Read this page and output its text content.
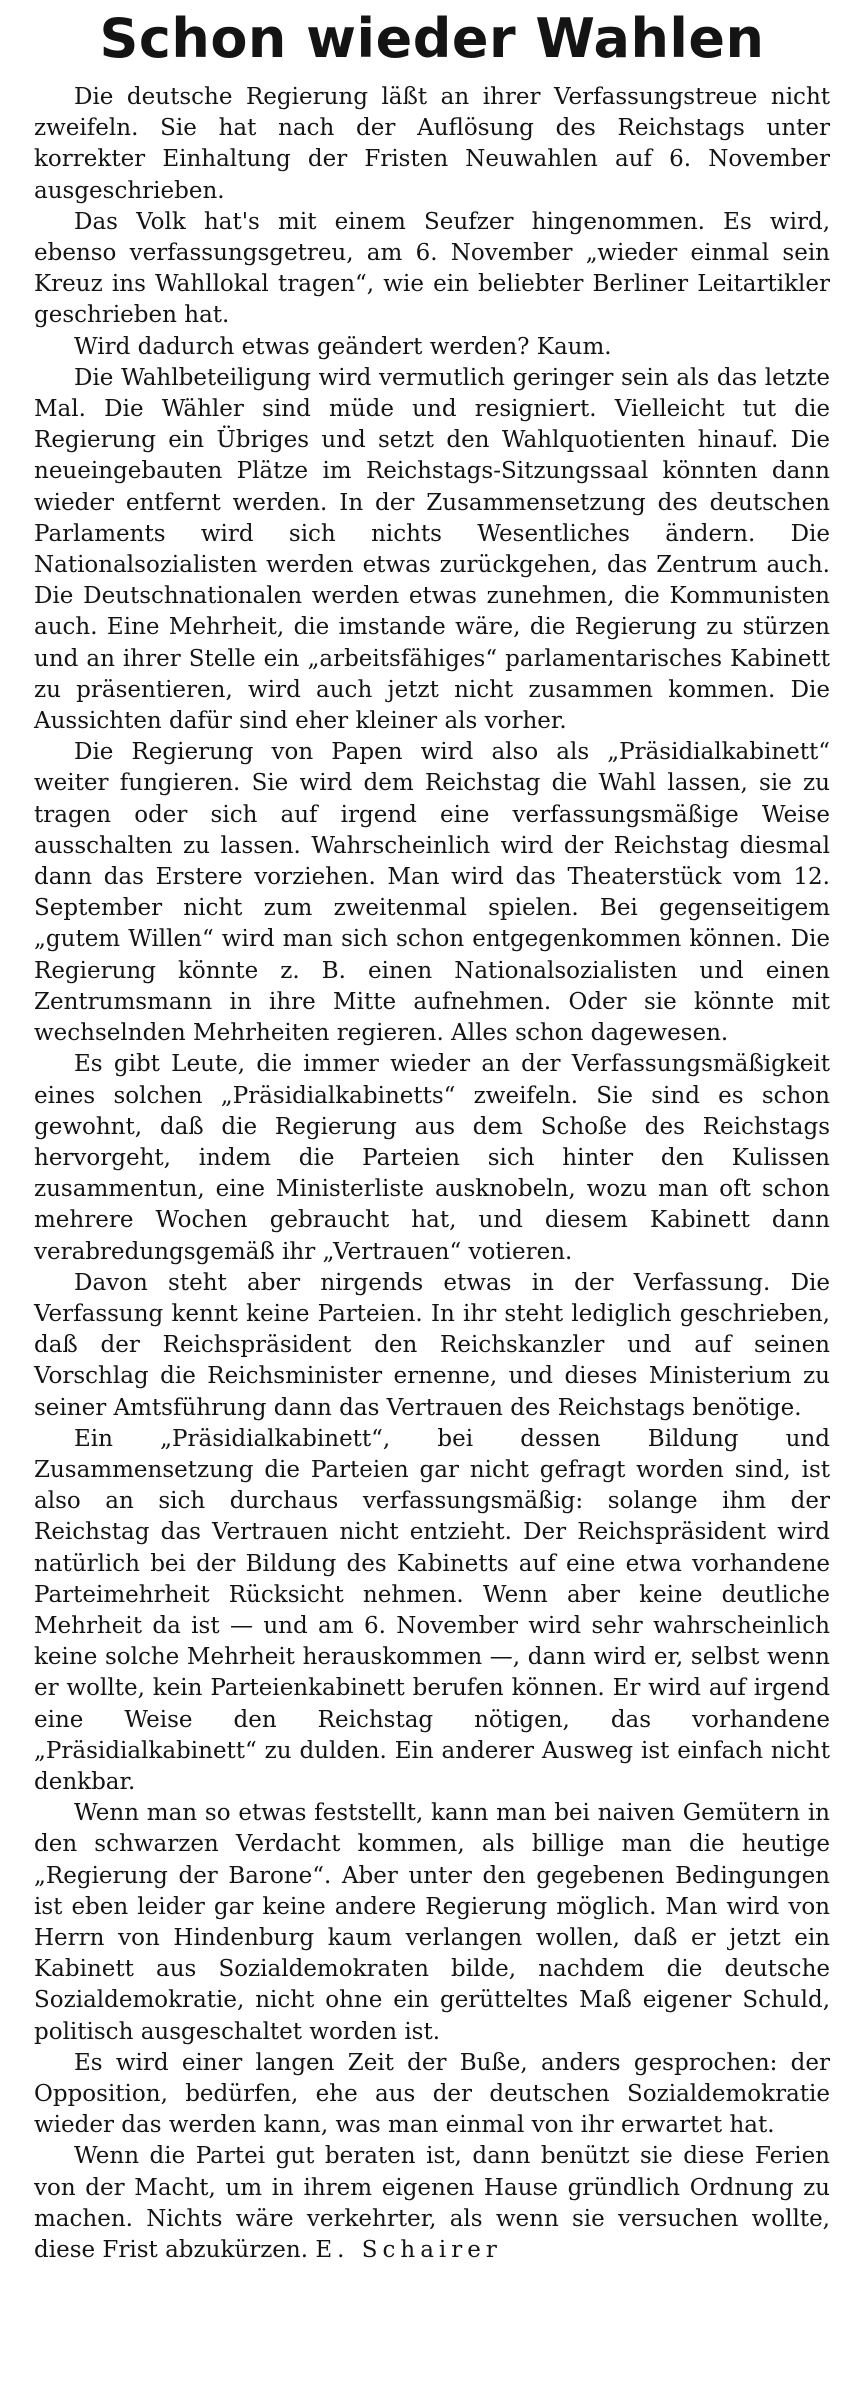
Schon wieder Wahlen

Die deutsche Regierung läßt an ihrer Verfassungstreue nicht zweifeln. Sie hat nach der Auflösung des Reichstags unter korrekter Einhaltung der Fristen Neuwahlen auf 6. November ausgeschrieben.

Das Volk hat's mit einem Seufzer hingenommen. Es wird, ebenso verfassungsgetreu, am 6. November „wieder einmal sein Kreuz ins Wahllokal tragen“, wie ein beliebter Berliner Leitartikler geschrieben hat.

Wird dadurch etwas geändert werden? Kaum.

Die Wahlbeteiligung wird vermutlich geringer sein als das letzte Mal. Die Wähler sind müde und resigniert. Vielleicht tut die Regierung ein Übriges und setzt den Wahlquotienten hinauf. Die neueingebauten Plätze im Reichstags-Sitzungssaal könnten dann wieder entfernt werden. In der Zusammensetzung des deutschen Parlaments wird sich nichts Wesentliches ändern. Die Nationalsozialisten werden etwas zurückgehen, das Zentrum auch. Die Deutschnationalen werden etwas zunehmen, die Kommunisten auch. Eine Mehrheit, die imstande wäre, die Regierung zu stürzen und an ihrer Stelle ein „arbeitsfähiges“ parlamentarisches Kabinett zu präsentieren, wird auch jetzt nicht zusammen kommen. Die Aussichten dafür sind eher kleiner als vorher.

Die Regierung von Papen wird also als „Präsidialkabinett“ weiter fungieren. Sie wird dem Reichstag die Wahl lassen, sie zu tragen oder sich auf irgend eine verfassungsmäßige Weise ausschalten zu lassen. Wahrscheinlich wird der Reichstag diesmal dann das Erstere vorziehen. Man wird das Theaterstück vom 12. September nicht zum zweitenmal spielen. Bei gegenseitigem „gutem Willen“ wird man sich schon entgegenkommen können. Die Regierung könnte z. B. einen Nationalsozialisten und einen Zentrumsmann in ihre Mitte aufnehmen. Oder sie könnte mit wechselnden Mehrheiten regieren. Alles schon dagewesen.

Es gibt Leute, die immer wieder an der Verfassungsmäßigkeit eines solchen „Präsidialkabinetts“ zweifeln. Sie sind es schon gewohnt, daß die Regierung aus dem Schoße des Reichstags hervorgeht, indem die Parteien sich hinter den Kulissen zusammentun, eine Ministerliste ausknobeln, wozu man oft schon mehrere Wochen gebraucht hat, und diesem Kabinett dann verabredungsgemäß ihr „Vertrauen“ votieren.

Davon steht aber nirgends etwas in der Verfassung. Die Verfassung kennt keine Parteien. In ihr steht lediglich geschrieben, daß der Reichspräsident den Reichskanzler und auf seinen Vorschlag die Reichsminister ernenne, und dieses Ministerium zu seiner Amtsführung dann das Vertrauen des Reichstags benötige.

Ein „Präsidialkabinett“, bei dessen Bildung und Zusammensetzung die Parteien gar nicht gefragt worden sind, ist also an sich durchaus verfassungsmäßig: solange ihm der Reichstag das Vertrauen nicht entzieht. Der Reichspräsident wird natürlich bei der Bildung des Kabinetts auf eine etwa vorhandene Parteimehrheit Rücksicht nehmen. Wenn aber keine deutliche Mehrheit da ist — und am 6. November wird sehr wahrscheinlich keine solche Mehrheit herauskommen —, dann wird er, selbst wenn er wollte, kein Parteienkabinett berufen können. Er wird auf irgend eine Weise den Reichstag nötigen, das vorhandene „Präsidialkabinett“ zu dulden. Ein anderer Ausweg ist einfach nicht denkbar.

Wenn man so etwas feststellt, kann man bei naiven Gemütern in den schwarzen Verdacht kommen, als billige man die heutige „Regierung der Barone“. Aber unter den gegebenen Bedingungen ist eben leider gar keine andere Regierung möglich. Man wird von Herrn von Hindenburg kaum verlangen wollen, daß er jetzt ein Kabinett aus Sozialdemokraten bilde, nachdem die deutsche Sozialdemokratie, nicht ohne ein gerütteltes Maß eigener Schuld, politisch ausgeschaltet worden ist.

Es wird einer langen Zeit der Buße, anders gesprochen: der Opposition, bedürfen, ehe aus der deutschen Sozialdemokratie wieder das werden kann, was man einmal von ihr erwartet hat.

Wenn die Partei gut beraten ist, dann benützt sie diese Ferien von der Macht, um in ihrem eigenen Hause gründlich Ordnung zu machen. Nichts wäre verkehrter, als wenn sie versuchen wollte, diese Frist abzukürzen. E. Schairer
